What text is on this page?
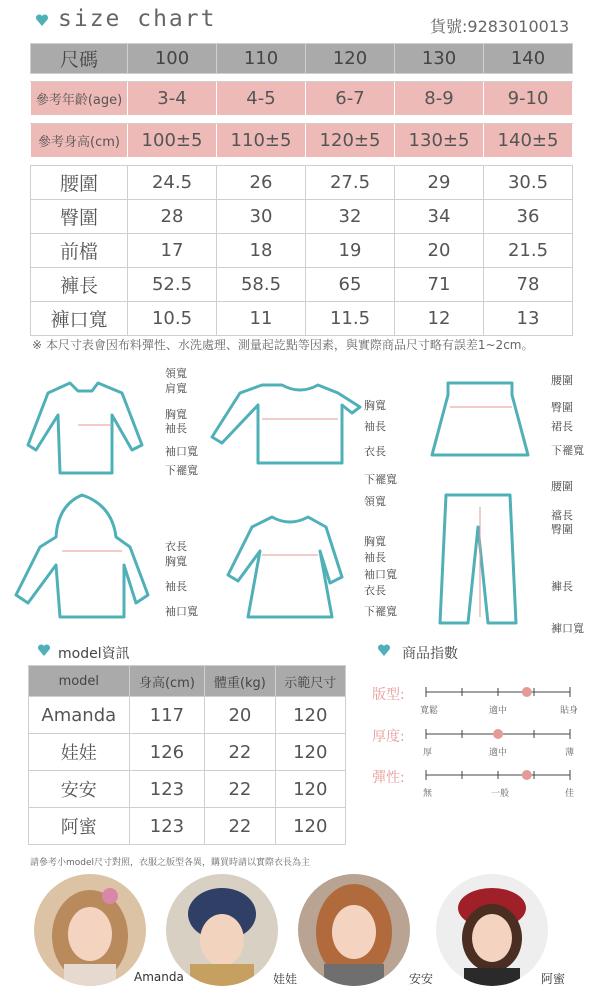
size chart	貨號:9283010013
尺碼	100	110	120	130	140

參考年齡(age)	3-4	4-5	6-7	8-9	9-10

參考身高(cm)	100±5	110±5	120±5	130±5	140±5

腰圍	24.5	26	27.5	29	30.5
臀圍	28	30	32	34	36
前檔	17	18	19	20	21.5
褲長	52.5	58.5	65	71	78
褲口寬	10.5	11	11.5	12	13
※ 本尺寸表會因布料彈性、水洗處理、測量起訖點等因素，與實際商品尺寸略有誤差1~2cm。
領寬
肩寬
胸寬
袖長
袖口寬
下襬寬
胸寬
袖長
衣長
下襬寬
腰圍
臀圍
裙長
下襬寬
衣長
胸寬
袖長
袖口寬
領寬
胸寬
袖長
袖口寬
衣長
下襬寬
腰圍
襠長
臀圍
褲長
褲口寬
model資訊
model	身高(cm)	體重(kg)	示範尺寸
Amanda	117	20	120
娃娃	126	22	120
安安	123	22	120
阿蜜	123	22	120
商品指數
版型:
厚度:
彈性:
寬鬆	適中	貼身
厚	適中	薄
無	一般	佳
請參考小model尺寸對照，衣服之版型各異，購買時請以實際衣長為主
Amanda	娃娃	安安	阿蜜
